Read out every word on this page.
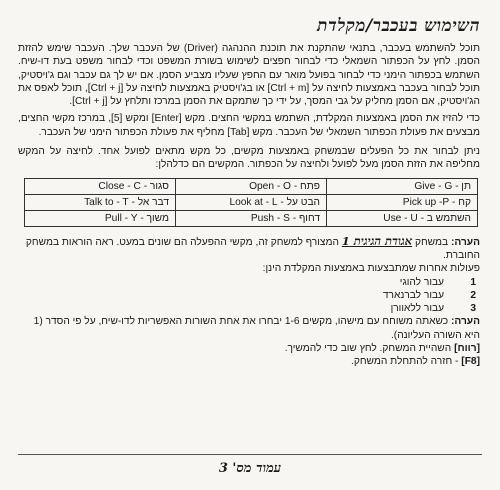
השימוש בעכבר/מקלדת

תוכל להשתמש בעכבר, בתנאי שהתקנת את תוכנת ההנהגה (Driver) של העכבר שלך. העכבר שימש להזזת הסמן. לחץ על הכפתור השמאלי כדי לבחור חפצים לשימוש בשורת המשפט וכדי לבחור משפט בעת דו-שיח. השתמש בכפתור הימני כדי לבחור בפועל מואר עם החפץ שעליו מצביע הסמן. אם יש לך גם עכבר וגם ג'ויסטיק, תוכל לבחור בעכבר באמצעות לחיצה על [Ctrl + m] או בג'ויסטיק באמצעות לחיצה על [Ctrl + j], תוכל לאפס את הג'ויסטיק, אם הסמן מחליק על גבי המסך, על ידי כך שתמקם את הסמן במרכז ותלחץ על [Ctrl + j].

כדי להזיז את הסמן באמצעות המקלדת, השתמש במקשי החצים. מקש [Enter] ומקש [5], במרכז מקשי החצים, מבצעים את פעולת הכפתור השמאלי של העכבר. מקש [Tab] מחליף את פעולת הכפתור הימני של העכבר.

ניתן לבחור את כל הפעלים שבמשחק באמצעות מקשים, כל מקש מתאים לפועל אחד. לחיצה על המקש מחליפה את הזזת הסמן מעל לפועל ולחיצה על הכפתור. המקשים הם כדלהלן:

תן - Give - G	פתח - Open - O	סגור - Close - C
קח - Pick up -P	הבט על - Look at - L	דבר אל - Talk to - T
השתמש ב - Use - U	דחוף - Push - S	משוך - Pull - Y

הערה: במשחק אגודת הגיגית 1 המצורף למשחק זה, מקשי ההפעלה הם שונים במעט. ראה הוראות במשחק החוברת.

פעולות אחרות שמתבצעות באמצעות המקלדת הינן:

1
עבור להוגי
2
עבור לברנארד
3
עבור ללאוורן

הערה: כשאתה משוחח עם מישהו, מקשים 1-6 יבחרו את אחת השורות האפשריות לדו-שיח, על פי הסדר (1 היא השורה העליונה).

[רווח] השהיית המשחק. לחץ שוב כדי להמשיך.

[F8] - חזרה להתחלת המשחק.

עמוד מס' 3
